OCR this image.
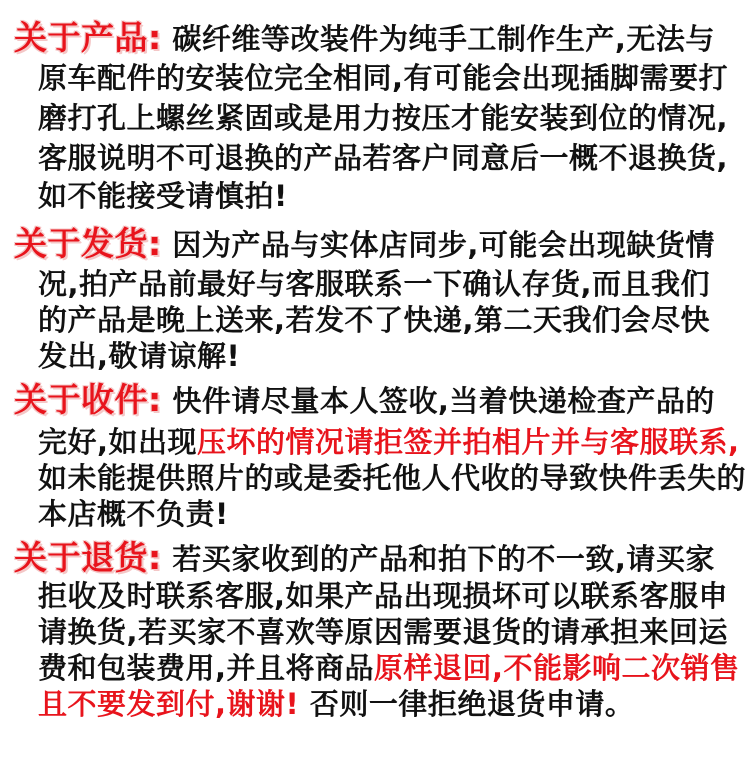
关于产品: 碳纤维等改装件为纯手工制作生产,无法与
原车配件的安装位完全相同,有可能会出现插脚需要打
磨打孔上螺丝紧固或是用力按压才能安装到位的情况,
客服说明不可退换的产品若客户同意后一概不退换货,
如不能接受请慎拍!
关于发货: 因为产品与实体店同步,可能会出现缺货情
况,拍产品前最好与客服联系一下确认存货,而且我们
的产品是晚上送来,若发不了快递,第二天我们会尽快
发出,敬请谅解!
关于收件: 快件请尽量本人签收,当着快递检查产品的
完好,如出现压坏的情况请拒签并拍相片并与客服联系,
如未能提供照片的或是委托他人代收的导致快件丢失的
本店概不负责!
关于退货: 若买家收到的产品和拍下的不一致,请买家
拒收及时联系客服,如果产品出现损坏可以联系客服申
请换货,若买家不喜欢等原因需要退货的请承担来回运
费和包装费用,并且将商品原样退回,不能影响二次销售
且不要发到付,谢谢! 否则一律拒绝退货申请。
